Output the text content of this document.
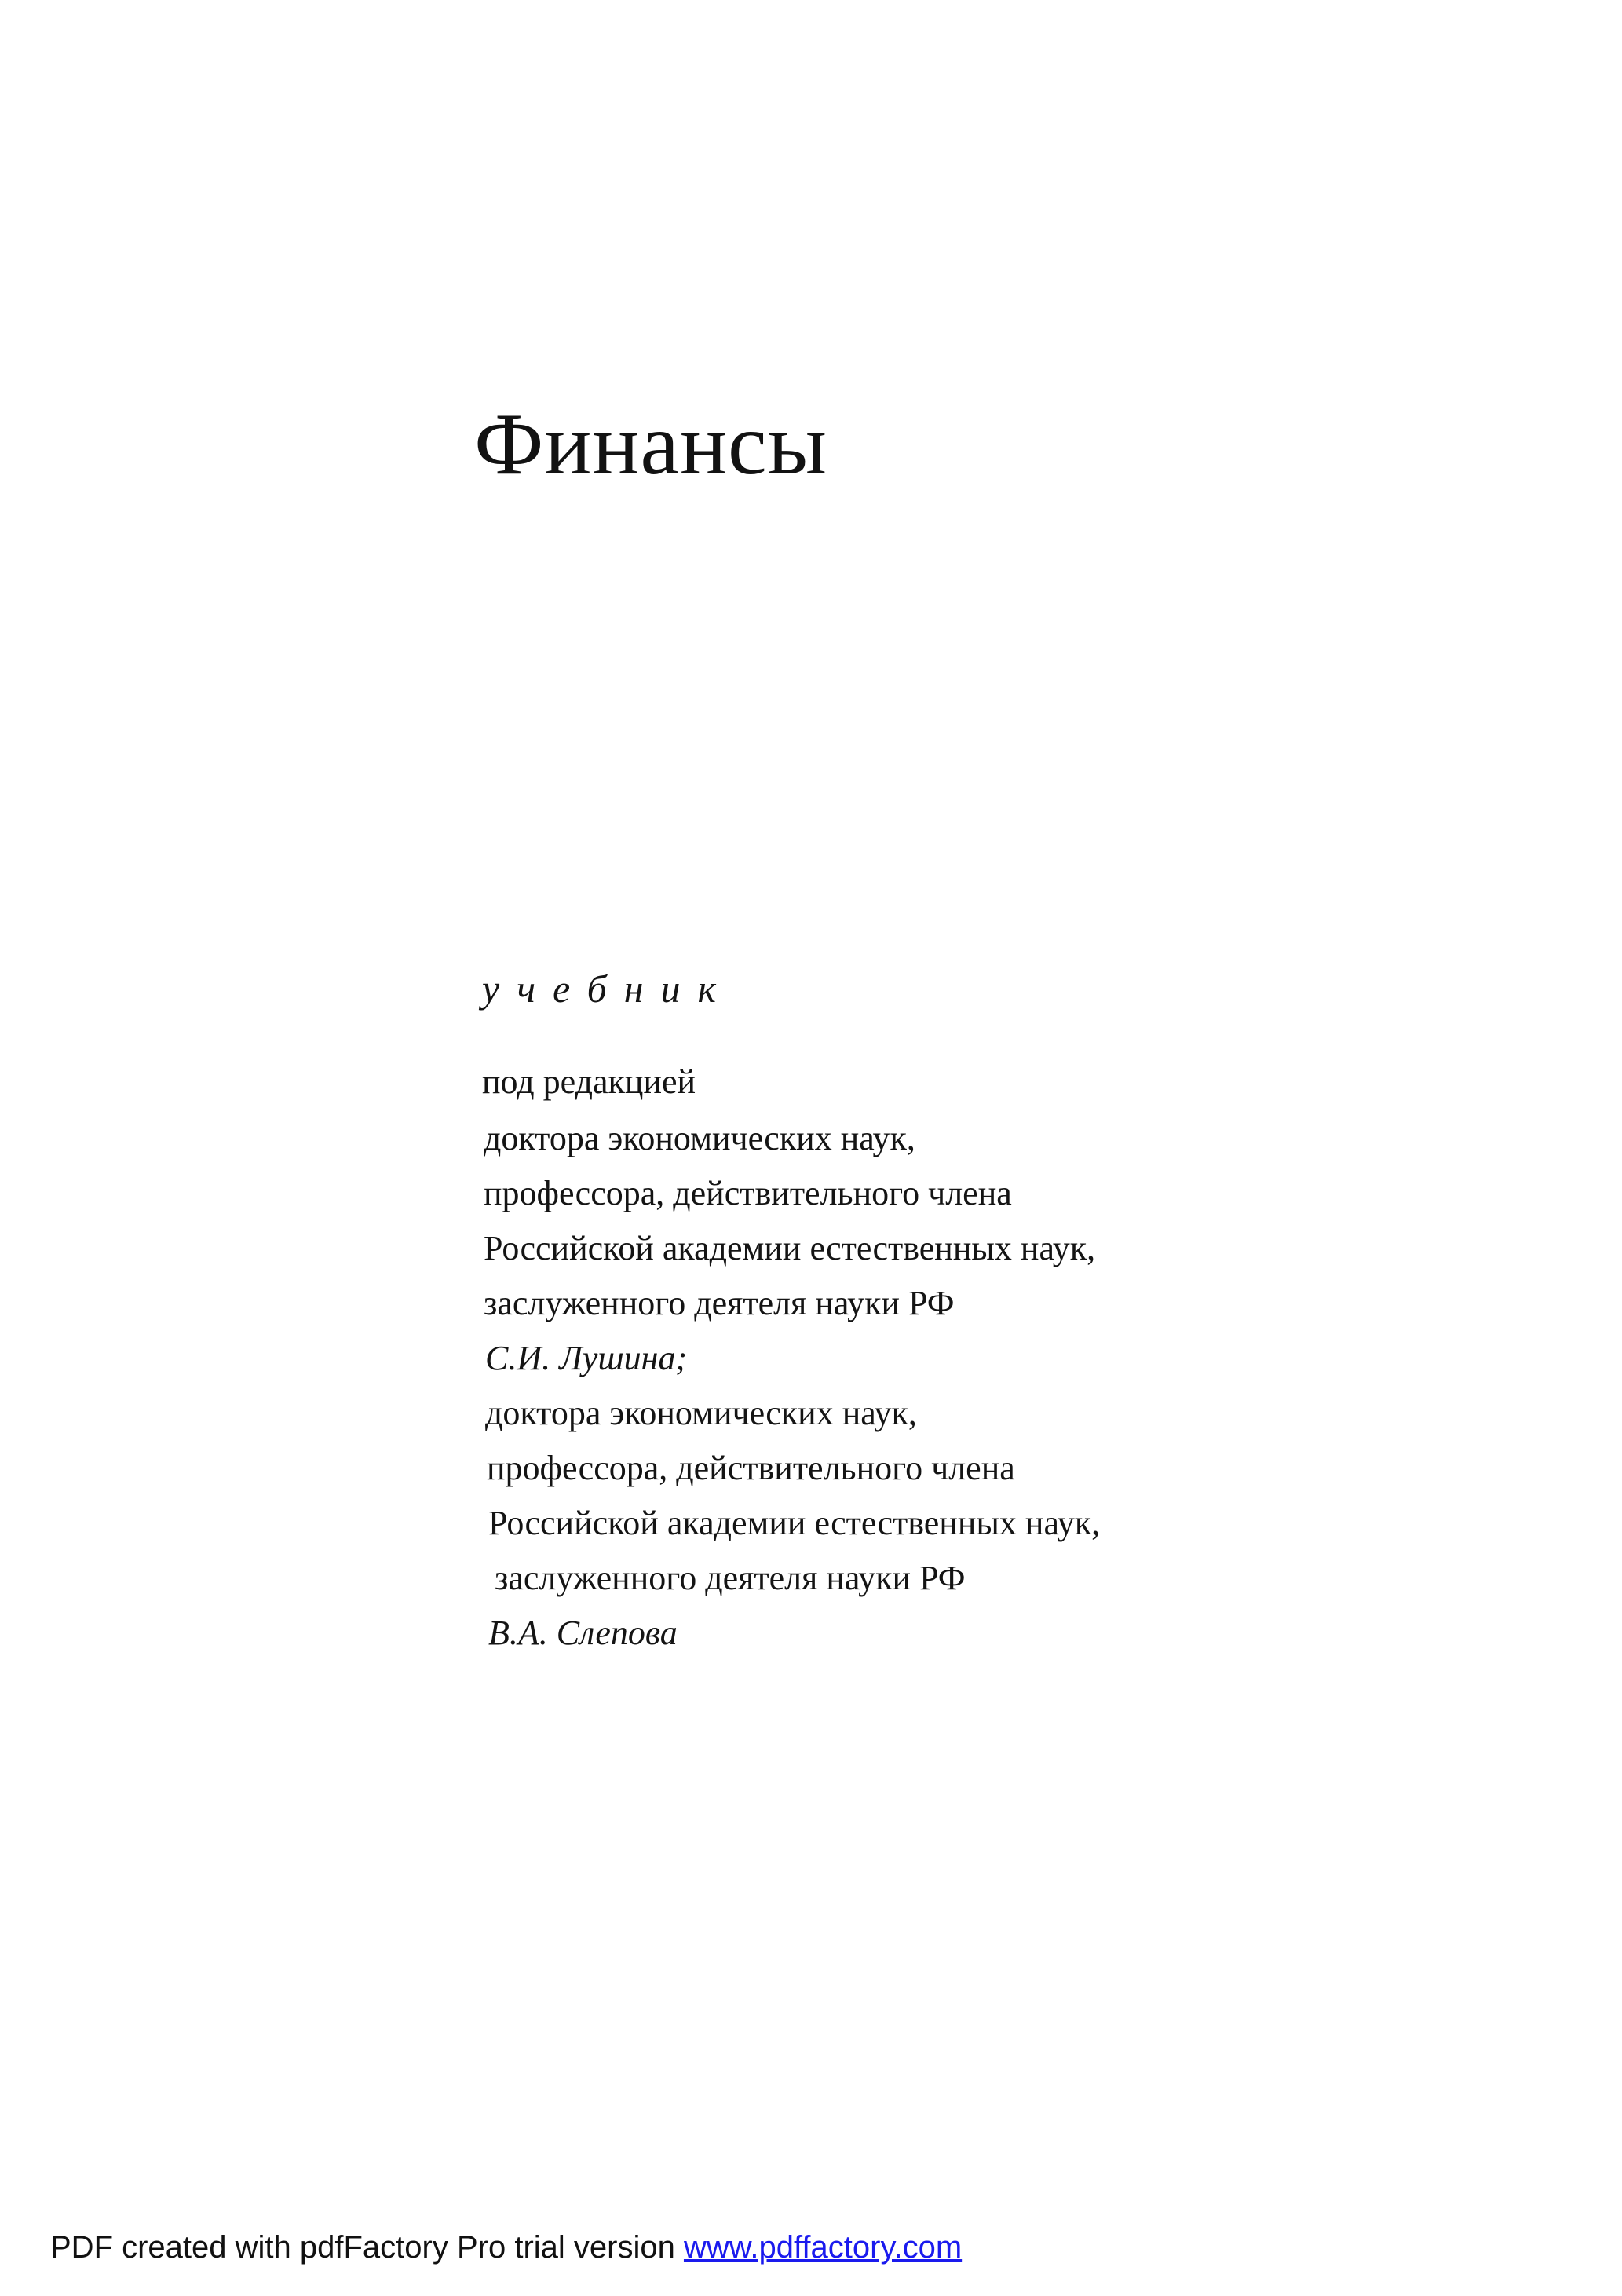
Финансы
учебник
под редакцией
доктора экономических наук,
профессора, действительного члена
Российской академии естественных наук,
заслуженного деятеля науки РФ
С.И. Лушина;
доктора экономических наук,
профессора, действительного члена
Российской академии естественных наук,
заслуженного деятеля науки РФ
В.А. Слепова
PDF created with pdfFactory Pro trial version www.pdffactory.com
